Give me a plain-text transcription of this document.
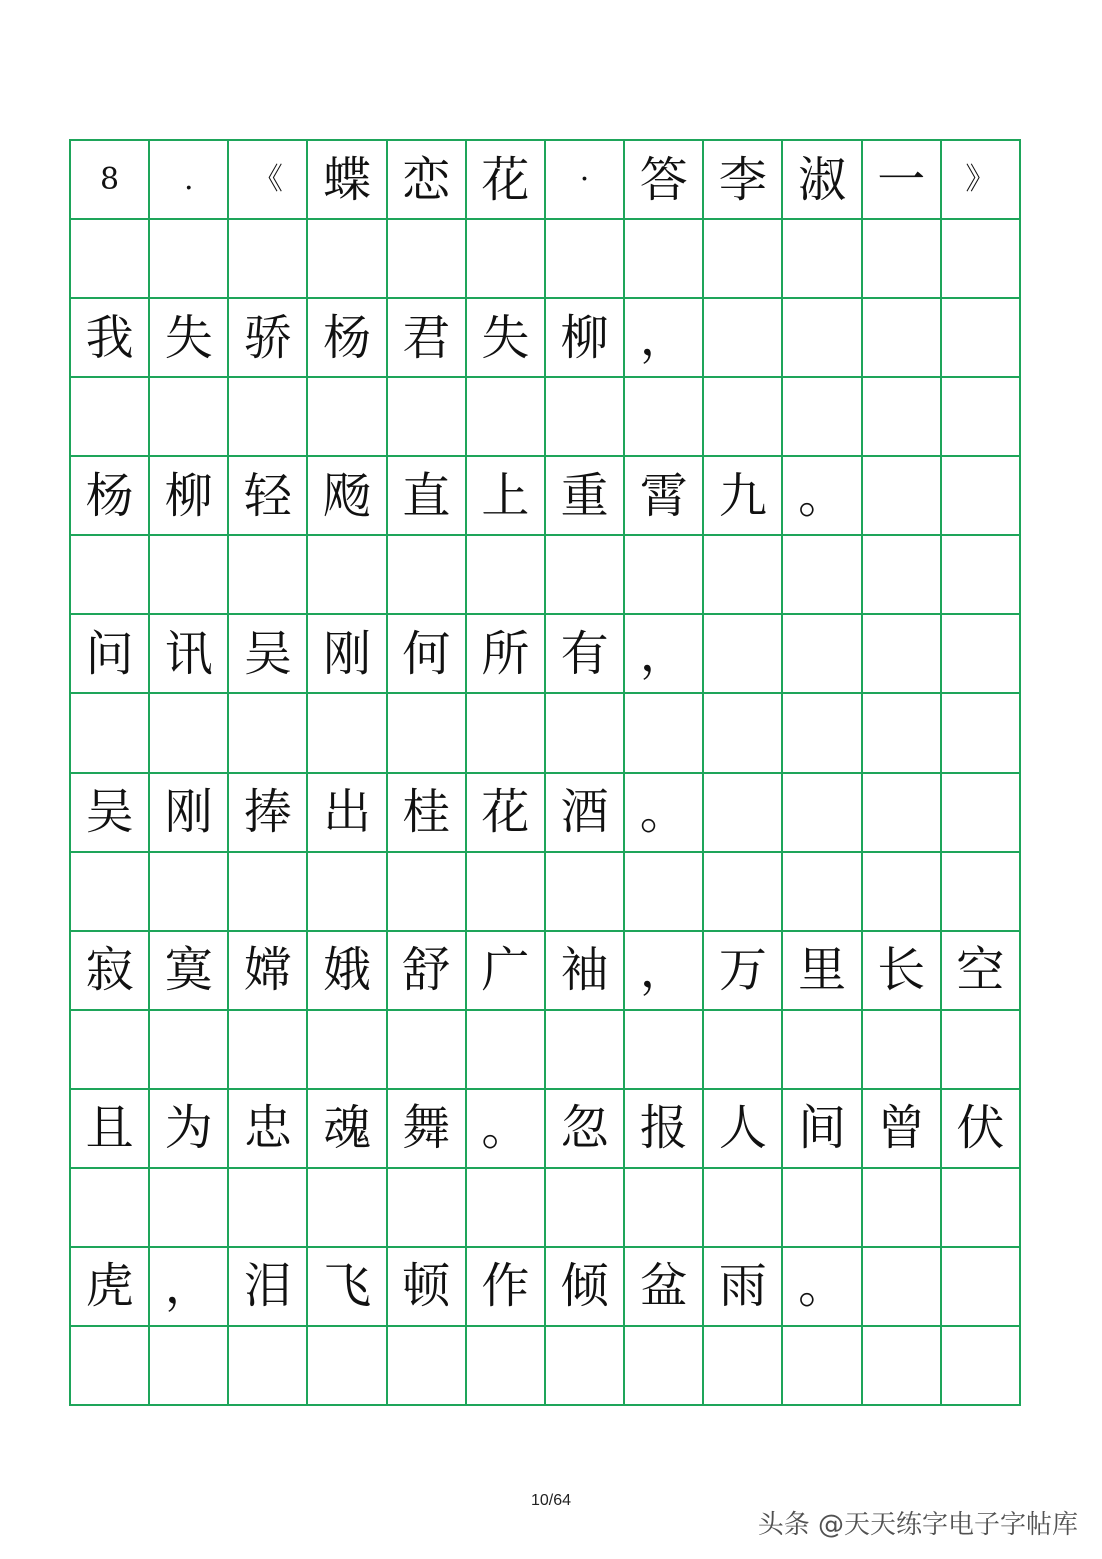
8	.	《 蝶 恋 花	·	答 李 淑 一	》
我 失 骄 杨 君 失 柳 ，
杨 柳 轻 飏 直 上 重 霄 九 。
问 讯 吴 刚 何 所 有 ，
吴 刚 捧 出 桂 花 酒 。
寂 寞 嫦 娥 舒 广 袖 ， 万 里 长 空
且 为 忠 魂 舞 。 忽 报 人 间 曾 伏
虎 ， 泪 飞 顿 作 倾 盆 雨 。
10/64
头条 @天天练字电子字帖库
